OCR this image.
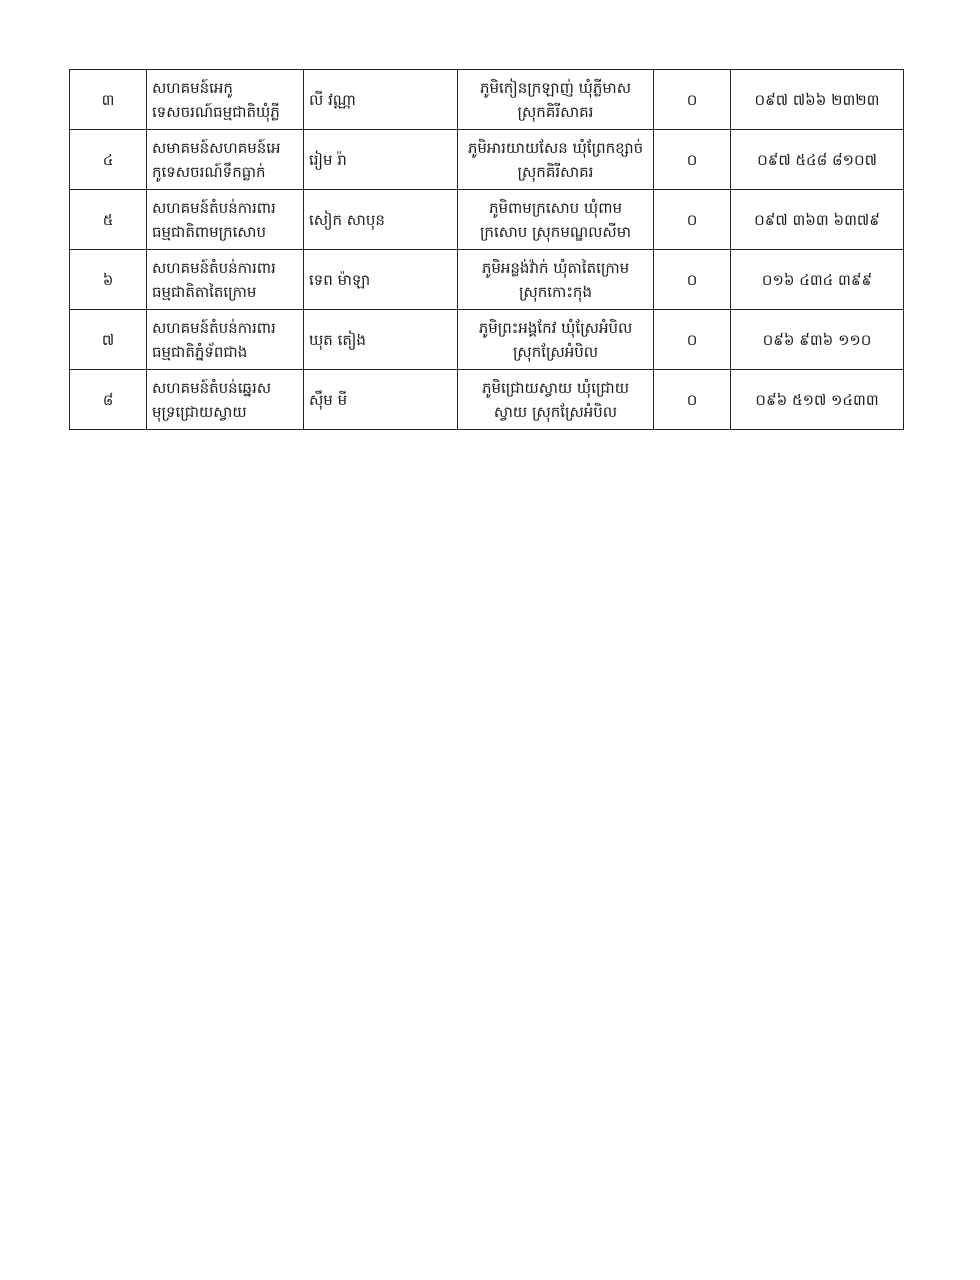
៣	សហគមន៍អេកូ
ទេសចរណ៍ធម្មជាតិឃុំភ្លី	លី វណ្ណា	ភូមិកៀនក្រឡាញ់ ឃុំភ្លីមាស
ស្រុកគិរីសាគរ	០	០៩៧ ៧៦៦ ២៣២៣
៤	សមាគមន៍សហគមន៍អេ
កូទេសចរណ៍ទឹកធ្លាក់	រៀម រ៉ា	ភូមិអារយាយសែន ឃុំព្រែកខ្សាច់
ស្រុកគិរីសាគរ	០	០៩៧ ៥៤៨ ៨១០៧
៥	សហគមន៍តំបន់ការពារ
ធម្មជាតិពាមក្រសោប	សៀក សាបុន	ភូមិពាមក្រសោប ឃុំពាម
ក្រសោប ស្រុកមណ្ឌលសីមា	០	០៩៧ ៣៦៣ ៦៣៧៩
៦	សហគមន៍តំបន់ការពារ
ធម្មជាតិតាតៃក្រោម	ទេព ម៉ាឡា	ភូមិអន្លង់វ៉ាក់ ឃុំតាតៃក្រោម
ស្រុកកោះកុង	០	០១៦ ៤៣៤ ៣៩៩
៧	សហគមន៍តំបន់ការពារ
ធម្មជាតិភ្នំទ័ពជាង	ឃុត តៀង	ភូមិព្រះអង្គកែវ ឃុំស្រែអំបិល
ស្រុកស្រែអំបិល	០	០៩៦ ៩៣៦ ១១០
៨	សហគមន៍តំបន់ឆ្នេរស
មុទ្រជ្រោយស្វាយ	ស៊ឹម មី	ភូមិជ្រោយស្វាយ ឃុំជ្រោយ
ស្វាយ ស្រុកស្រែអំបិល	០	០៩៦ ៥១៧ ១៤៣៣
